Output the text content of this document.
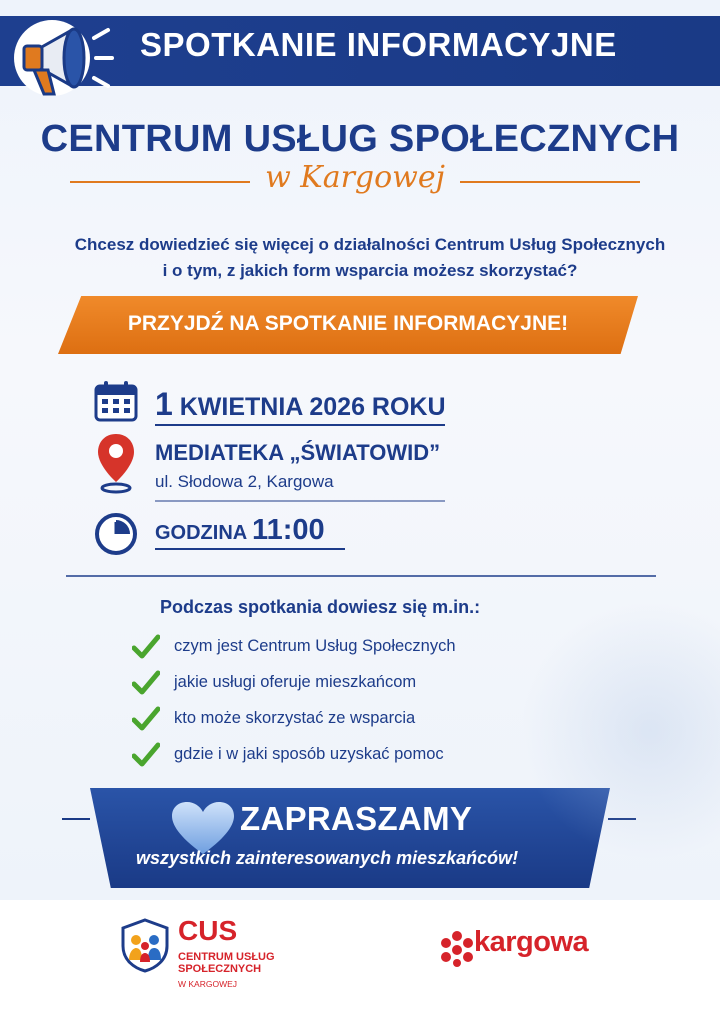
SPOTKANIE INFORMACYJNE
CENTRUM USŁUG SPOŁECZNYCH
w Kargowej
Chcesz dowiedzieć się więcej o działalności Centrum Usług Społecznych
i o tym, z jakich form wsparcia możesz skorzystać?
PRZYJDŹ NA SPOTKANIE INFORMACYJNE!
1 KWIETNIA 2026 ROKU
MEDIATEKA „ŚWIATOWID”
ul. Słodowa 2, Kargowa
GODZINA 11:00
Podczas spotkania dowiesz się m.in.:
czym jest Centrum Usług Społecznych
jakie usługi oferuje mieszkańcom
kto może skorzystać ze wsparcia
gdzie i w jaki sposób uzyskać pomoc
ZAPRASZAMY
wszystkich zainteresowanych mieszkańców!
CUS
CENTRUM USŁUG
SPOŁECZNYCH
W KARGOWEJ
kargowa
